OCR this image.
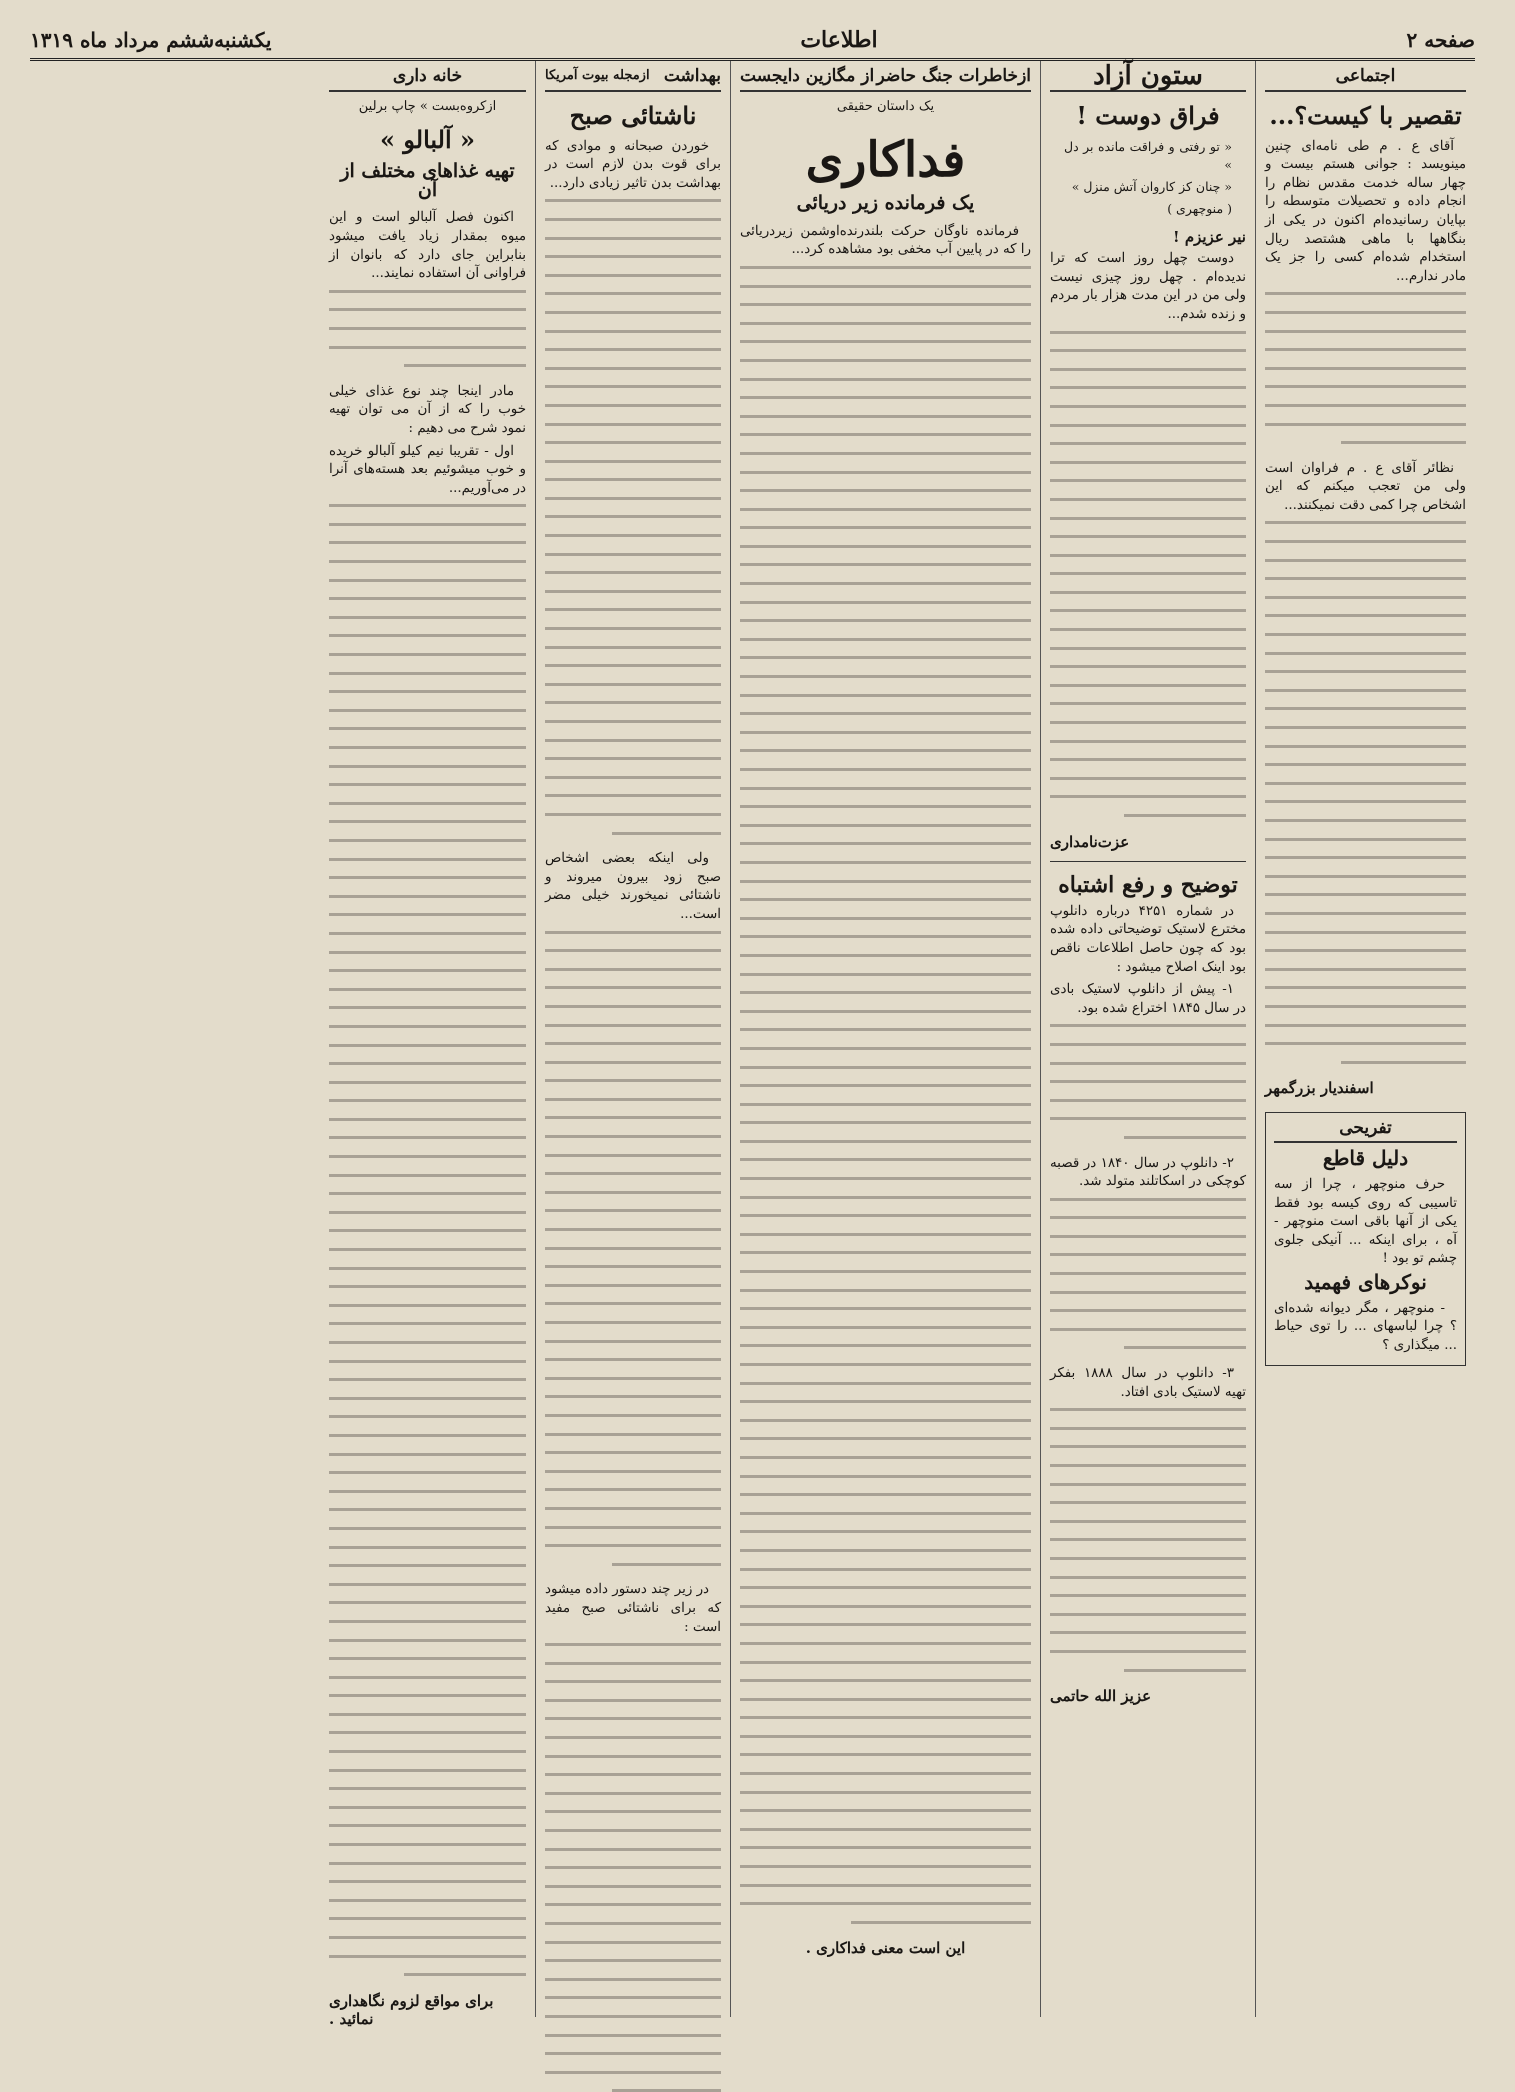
صفحه ۲
اطلاعات
یکشنبه‌ششم مرداد ماه ۱۳۱۹
اجتماعی
تقصیر با کیست؟...

آقای ع . م طی نامه‌ای چنین مینویسد : جوانی هستم بیست و چهار ساله خدمت مقدس نظام را انجام داده و تحصیلات متوسطه را بپایان رسانیده‌ام اکنون در یکی از بنگاهها با ماهی هشتصد ریال استخدام شده‌ام کسی را جز یک مادر ندارم...

نظائر آقای ع . م فراوان است ولی من تعجب میکنم که این اشخاص چرا کمی دقت نمیکنند...

اسفندیار بزرگمهر
تفریحی
دلیل قاطع

حرف منوچهر ، چرا از سه تاسیبی که روی کیسه بود فقط یکی از آنها باقی است منوچهر - آه ، برای اینکه ... آنیکی جلوی چشم تو بود !

نوکرهای فهمید

- منوچهر ، مگر دیوانه شده‌ای ؟ چرا لباسهای ... را توی حیاط ... میگذاری ؟

ستون آزاد
فراق دوست !
« تو رفتی و فراقت مانده بر دل »
« چنان کز کاروان آتش منزل »
( منوچهری )
نیر عزیزم !

دوست چهل روز است که ترا ندیده‌ام . چهل روز چیزی نیست ولی من در این مدت هزار بار مردم و زنده شدم...

عزت‌نامداری
توضیح و رفع اشتباه

در شماره ۴۲۵۱ درباره دانلوپ مخترع لاستیک توضیحاتی داده شده بود که چون حاصل اطلاعات ناقص بود اینک اصلاح میشود :

۱- پیش از دانلوپ لاستیک بادی در سال ۱۸۴۵ اختراع شده بود.

۲- دانلوپ در سال ۱۸۴۰ در قصبه کوچکی در اسکاتلند متولد شد.

۳- دانلوپ در سال ۱۸۸۸ بفکر تهیه لاستیک بادی افتاد.

عزیز الله حاتمی
ازخاطرات جنگ حاضر
از مگازین دایجست
یک داستان حقیقی
فداکاری
یک فرمانده زیر دریائی

فرمانده ناوگان حرکت بلندرنده‌اوشمن زیردریائی را که در پایین آب مخفی بود مشاهده کرد...

این است معنی فداکاری .
بهداشت
ازمجله بیوت آمریکا
ناشتائی صبح

خوردن صبحانه و موادی که برای قوت بدن لازم است در بهداشت بدن تاثیر زیادی دارد...

ولی اینکه بعضی اشخاص صبح زود بیرون میروند و ناشتائی نمیخورند خیلی مضر است...

در زیر چند دستور داده میشود که برای ناشتائی صبح مفید است :

خانه داری
ازکروه‌بست » چاپ برلین
« آلبالو »
تهیه غذاهای مختلف از آن

اکنون فصل آلبالو است و این میوه بمقدار زیاد یافت میشود بنابراین جای دارد که بانوان از فراوانی آن استفاده نمایند...

مادر اینجا چند نوع غذای خیلی خوب را که از آن می توان تهیه نمود شرح می دهیم :

اول - تقریبا نیم کیلو آلبالو خریده و خوب میشوئیم بعد هسته‌های آنرا در می‌آوریم...

برای مواقع لزوم نگاهداری نمائید .
